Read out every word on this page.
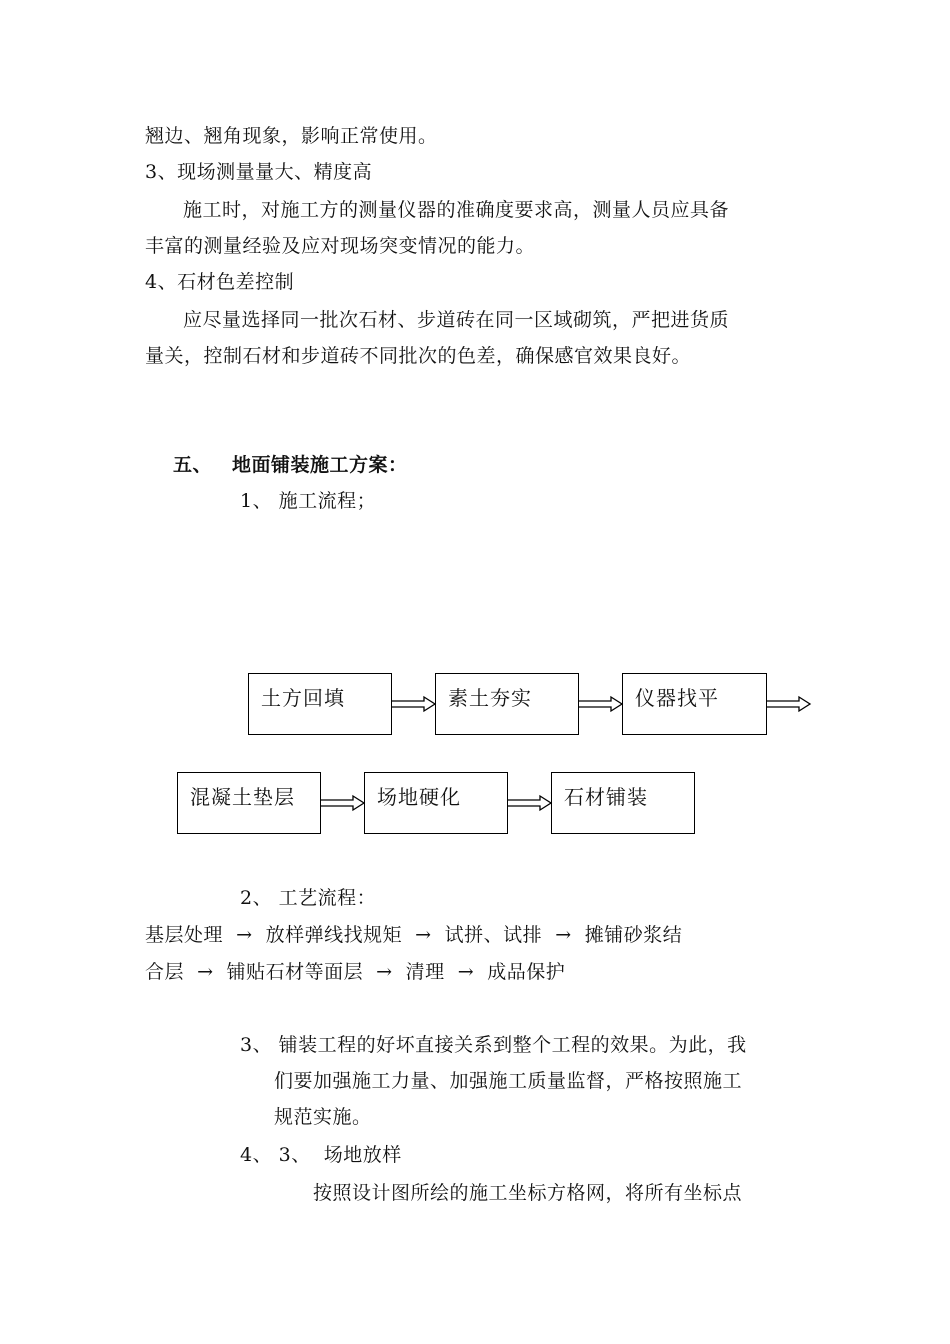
翘边、翘角现象，影响正常使用。
3、现场测量量大、精度高
施工时，对施工方的测量仪器的准确度要求高，测量人员应具备
丰富的测量经验及应对现场突变情况的能力。
4、石材色差控制
应尽量选择同一批次石材、步道砖在同一区域砌筑，严把进货质
量关，控制石材和步道砖不同批次的色差，确保感官效果良好。
五、 地面铺装施工方案：
1、 施工流程；
土方回填	素土夯实	仪器找平
混凝土垫层	场地硬化	石材铺装
2、 工艺流程：
基层处理  →  放样弹线找规矩  →  试拼、试排  →  摊铺砂浆结
合层  →  铺贴石材等面层  →  清理  →  成品保护
3、 铺装工程的好坏直接关系到整个工程的效果。为此，我
们要加强施工力量、加强施工质量监督，严格按照施工
规范实施。
4、 3、  场地放样
按照设计图所绘的施工坐标方格网，将所有坐标点
